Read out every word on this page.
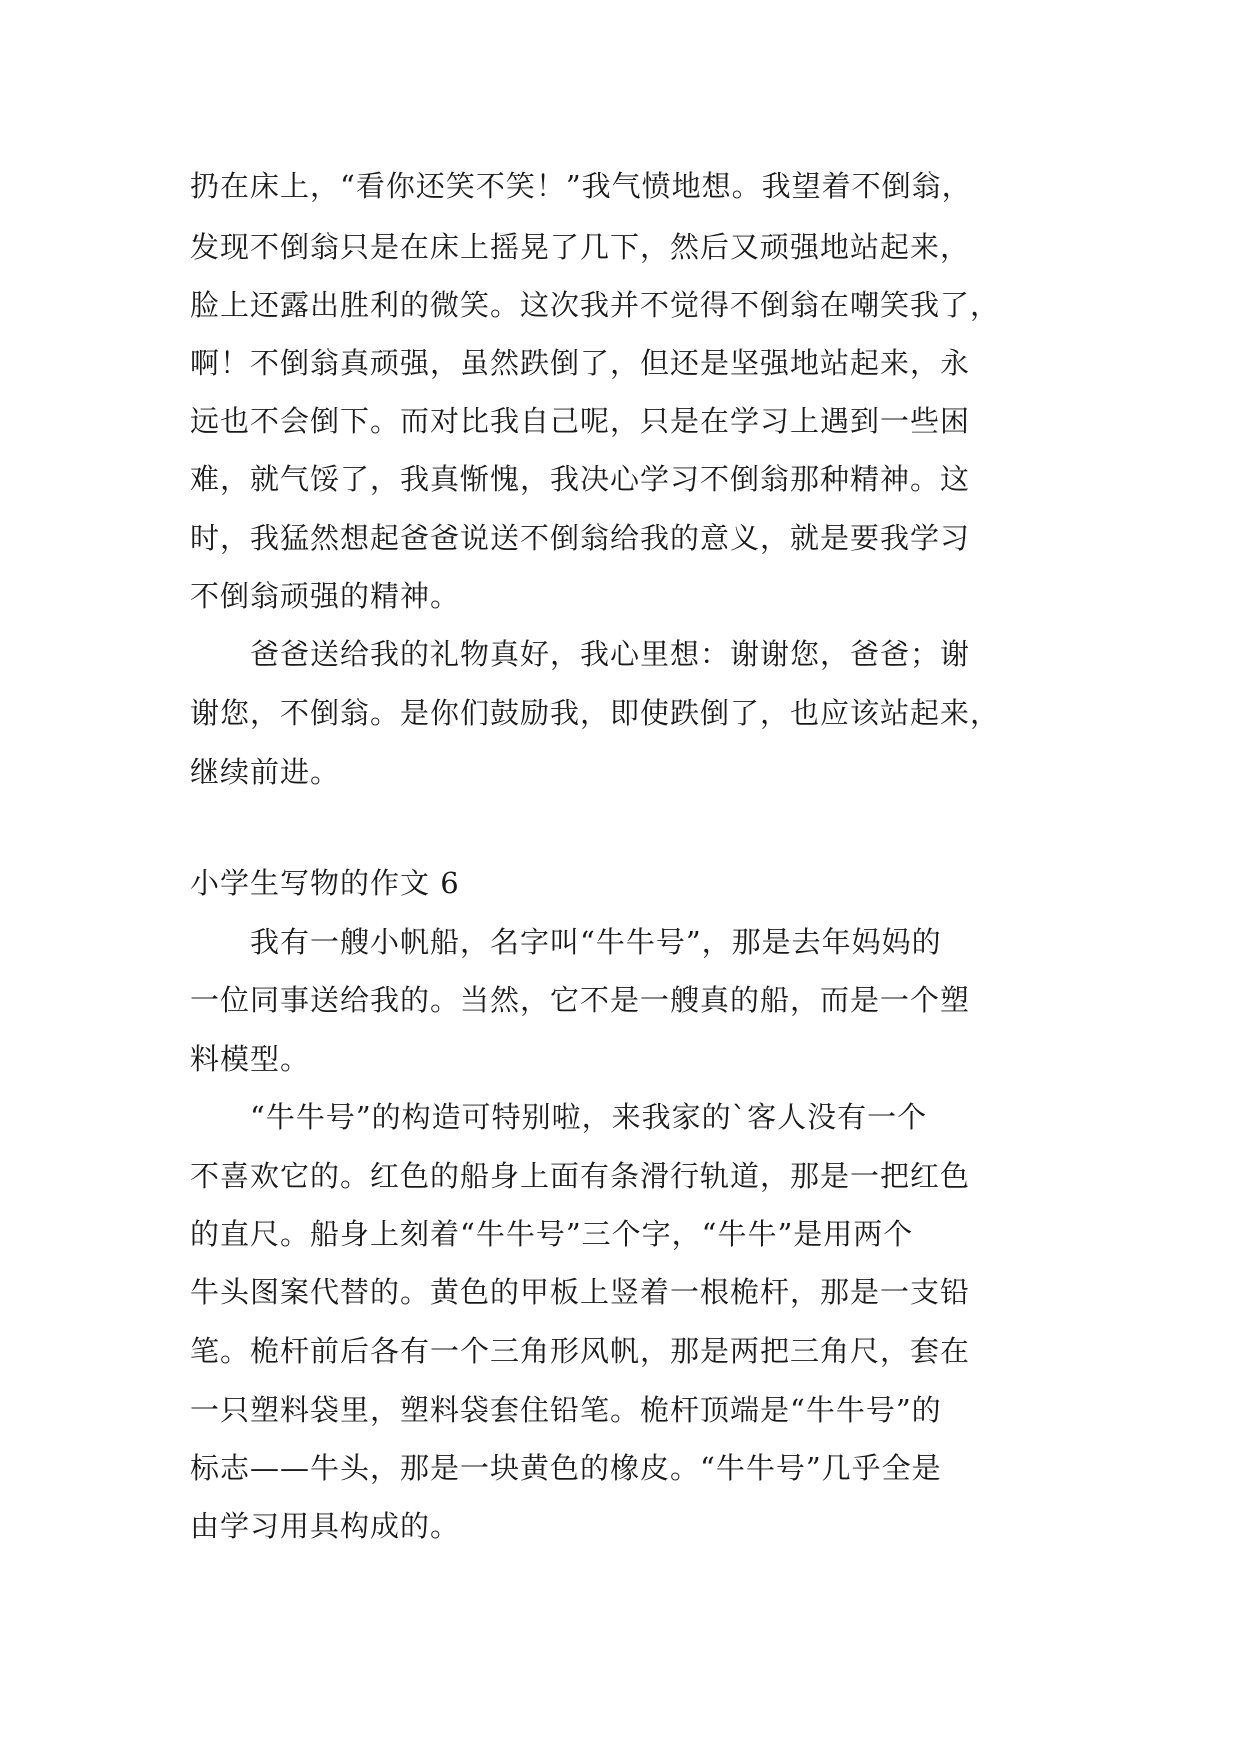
扔在床上，“看你还笑不笑！”我气愤地想。我望着不倒翁，
发现不倒翁只是在床上摇晃了几下，然后又顽强地站起来，
脸上还露出胜利的微笑。这次我并不觉得不倒翁在嘲笑我了，
啊！不倒翁真顽强，虽然跌倒了，但还是坚强地站起来，永
远也不会倒下。而对比我自己呢，只是在学习上遇到一些困
难，就气馁了，我真惭愧，我决心学习不倒翁那种精神。这
时，我猛然想起爸爸说送不倒翁给我的意义，就是要我学习
不倒翁顽强的精神。
　　爸爸送给我的礼物真好，我心里想：谢谢您，爸爸；谢
谢您，不倒翁。是你们鼓励我，即使跌倒了，也应该站起来，
继续前进。
小学生写物的作文 6
　　我有一艘小帆船，名字叫“牛牛号”，那是去年妈妈的
一位同事送给我的。当然，它不是一艘真的船，而是一个塑
料模型。
　　“牛牛号”的构造可特别啦，来我家的`客人没有一个
不喜欢它的。红色的船身上面有条滑行轨道，那是一把红色
的直尺。船身上刻着“牛牛号”三个字，“牛牛”是用两个
牛头图案代替的。黄色的甲板上竖着一根桅杆，那是一支铅
笔。桅杆前后各有一个三角形风帆，那是两把三角尺，套在
一只塑料袋里，塑料袋套住铅笔。桅杆顶端是“牛牛号”的
标志——牛头，那是一块黄色的橡皮。“牛牛号”几乎全是
由学习用具构成的。
